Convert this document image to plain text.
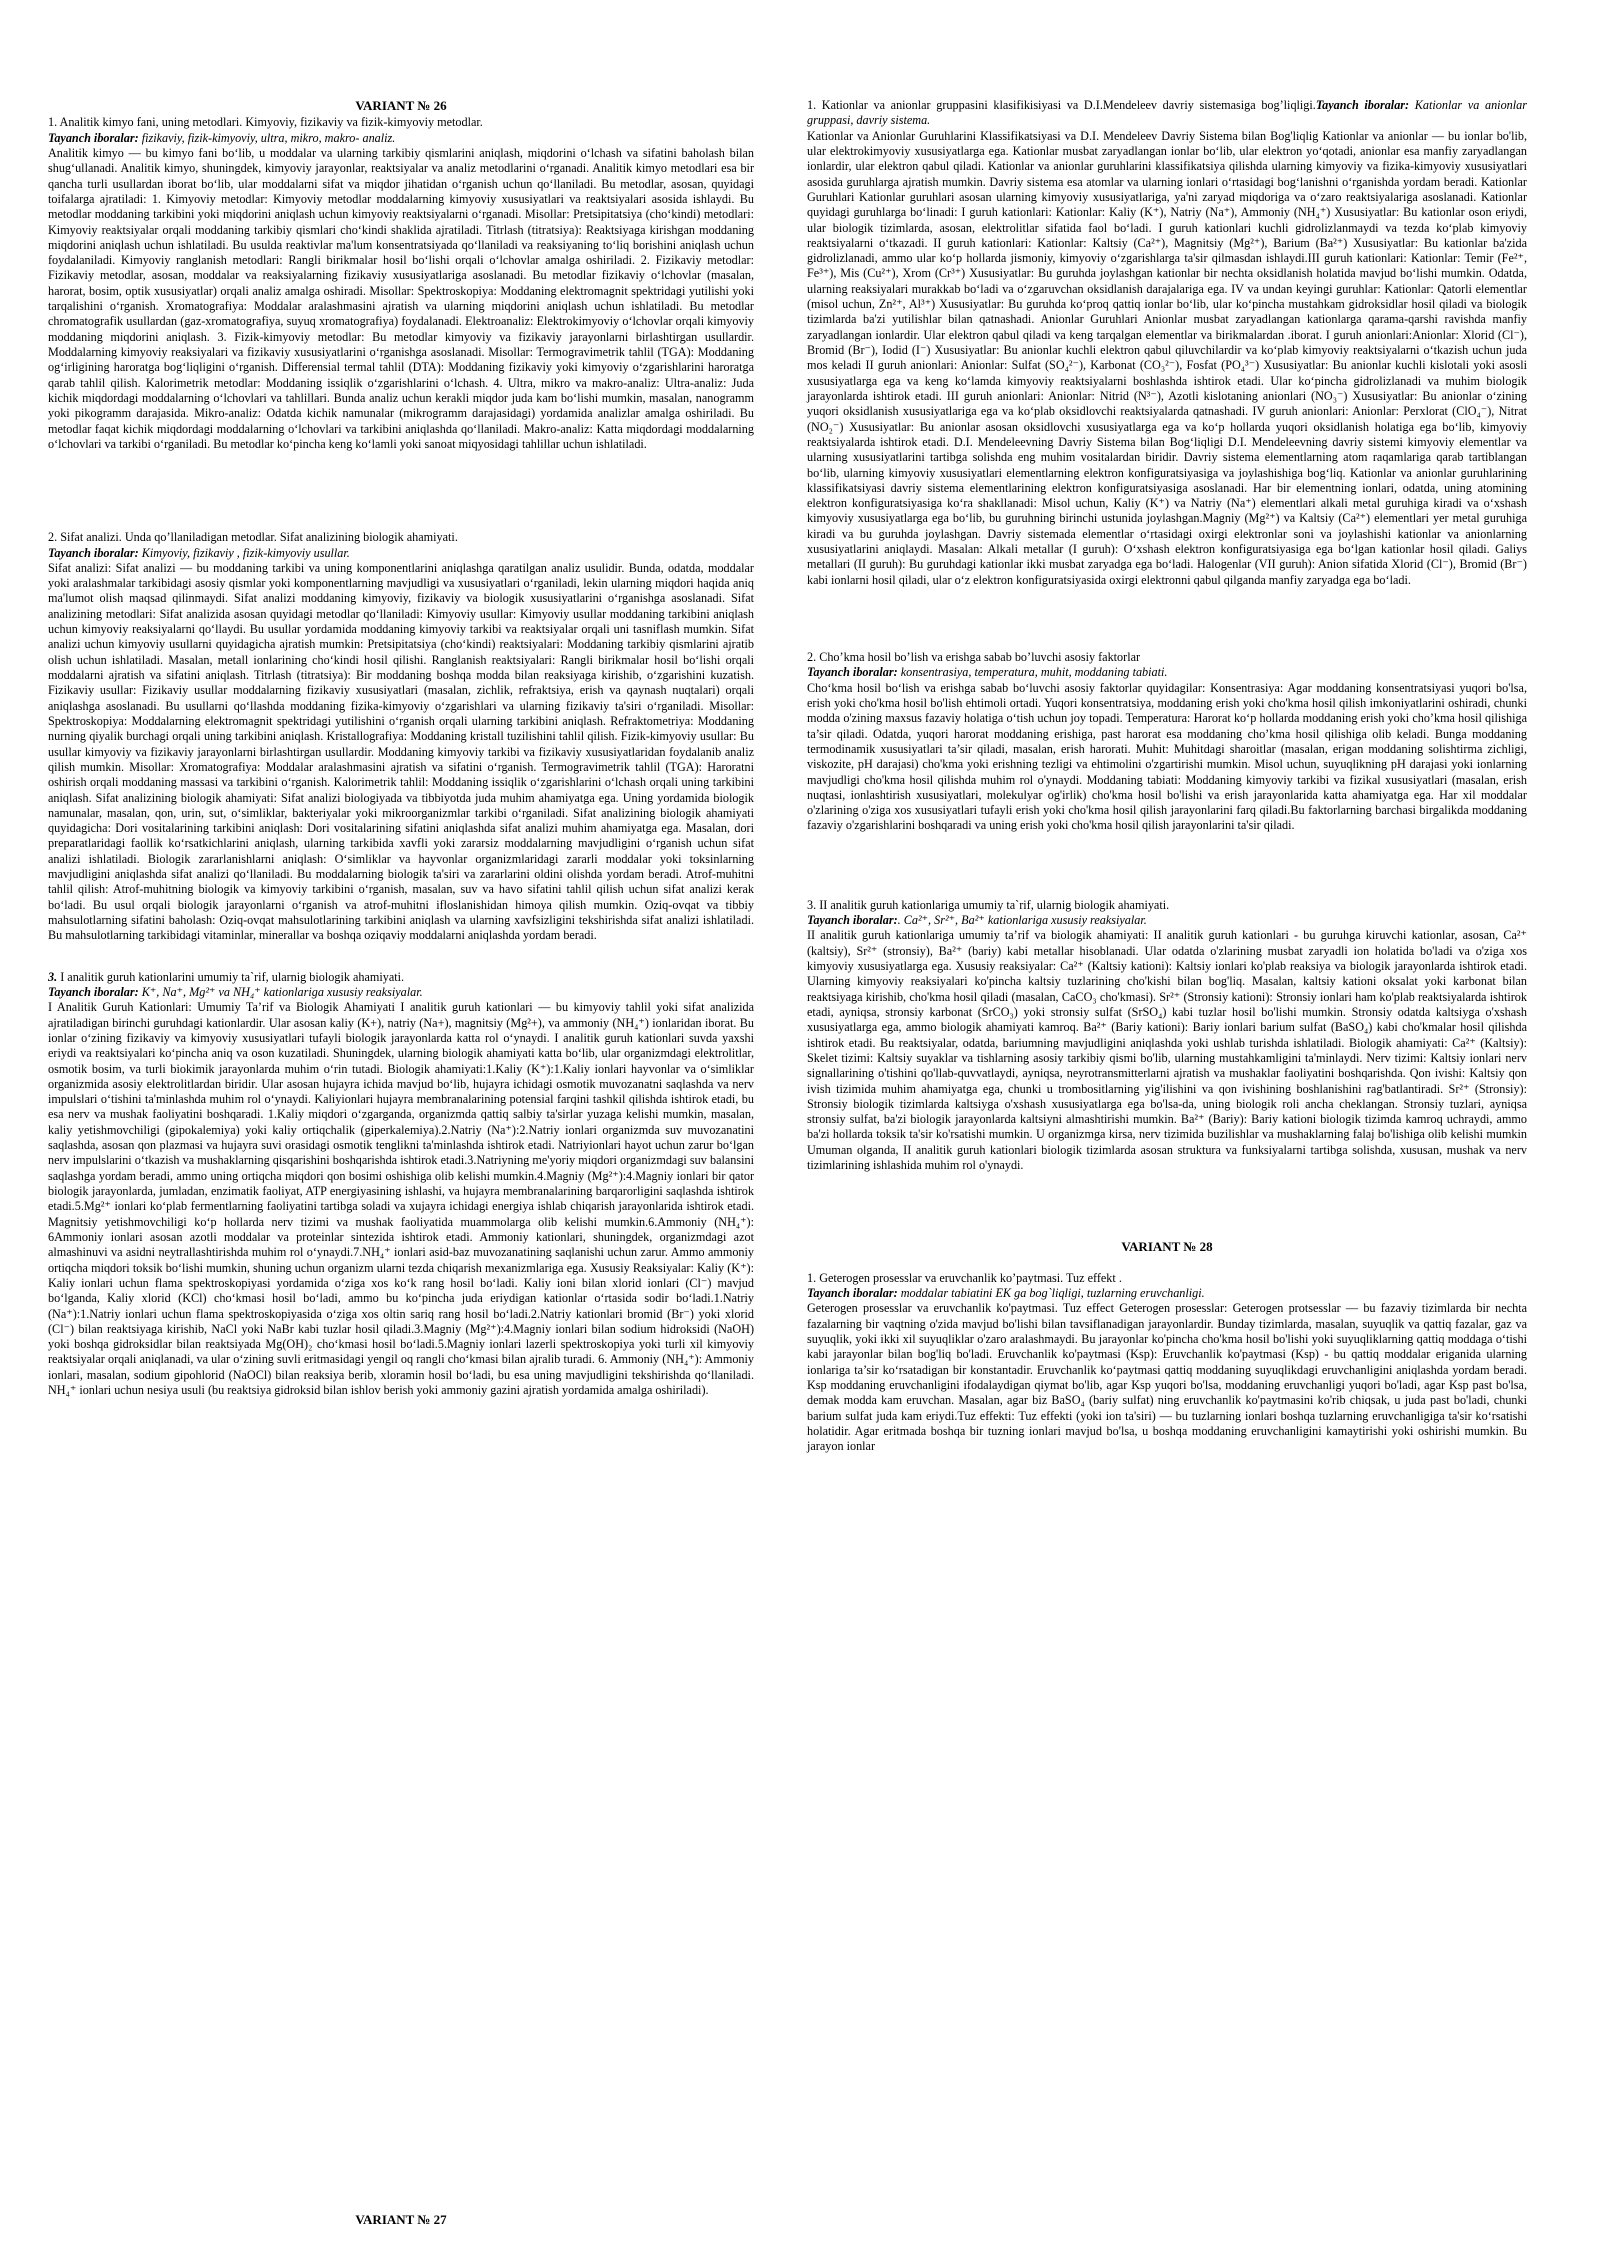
VARIANT № 26

1. Analitik kimyo fani, uning metodlari. Kimyoviy, fizikaviy va fizik-kimyoviy metodlar.

Tayanch iboralar: fizikaviy, fizik-kimyoviy, ultra, mikro, makro- analiz.

Analitik kimyo — bu kimyo fani bo‘lib, u moddalar va ularning tarkibiy qismlarini aniqlash, miqdorini o‘lchash va sifatini baholash bilan shug‘ullanadi. Analitik kimyo, shuningdek, kimyoviy jarayonlar, reaktsiyalar va analiz metodlarini o‘rganadi. Analitik kimyo metodlari esa bir qancha turli usullardan iborat bo‘lib, ular moddalarni sifat va miqdor jihatidan o‘rganish uchun qo‘llaniladi. Bu metodlar, asosan, quyidagi toifalarga ajratiladi: 1. Kimyoviy metodlar: Kimyoviy metodlar moddalarning kimyoviy xususiyatlari va reaktsiyalari asosida ishlaydi. Bu metodlar moddaning tarkibini yoki miqdorini aniqlash uchun kimyoviy reaktsiyalarni o‘rganadi. Misollar: Pretsipitatsiya (cho‘kindi) metodlari: Kimyoviy reaktsiyalar orqali moddaning tarkibiy qismlari cho‘kindi shaklida ajratiladi. Titrlash (titratsiya): Reaktsiyaga kirishgan moddaning miqdorini aniqlash uchun ishlatiladi. Bu usulda reaktivlar ma'lum konsentratsiyada qo‘llaniladi va reaksiyaning to‘liq borishini aniqlash uchun foydalaniladi. Kimyoviy ranglanish metodlari: Rangli birikmalar hosil bo‘lishi orqali o‘lchovlar amalga oshiriladi. 2. Fizikaviy metodlar: Fizikaviy metodlar, asosan, moddalar va reaksiyalarning fizikaviy xususiyatlariga asoslanadi. Bu metodlar fizikaviy o‘lchovlar (masalan, harorat, bosim, optik xususiyatlar) orqali analiz amalga oshiradi. Misollar: Spektroskopiya: Moddaning elektromagnit spektridagi yutilishi yoki tarqalishini o‘rganish. Xromatografiya: Moddalar aralashmasini ajratish va ularning miqdorini aniqlash uchun ishlatiladi. Bu metodlar chromatografik usullardan (gaz-xromatografiya, suyuq xromatografiya) foydalanadi. Elektroanaliz: Elektrokimyoviy o‘lchovlar orqali kimyoviy moddaning miqdorini aniqlash. 3. Fizik-kimyoviy metodlar: Bu metodlar kimyoviy va fizikaviy jarayonlarni birlashtirgan usullardir. Moddalarning kimyoviy reaksiyalari va fizikaviy xususiyatlarini o‘rganishga asoslanadi. Misollar: Termogravimetrik tahlil (TGA): Moddaning og‘irligining haroratga bog‘liqligini o‘rganish. Differensial termal tahlil (DTA): Moddaning fizikaviy yoki kimyoviy o‘zgarishlarini haroratga qarab tahlil qilish. Kalorimetrik metodlar: Moddaning issiqlik o‘zgarishlarini o‘lchash. 4. Ultra, mikro va makro-analiz: Ultra-analiz: Juda kichik miqdordagi moddalarning o‘lchovlari va tahlillari. Bunda analiz uchun kerakli miqdor juda kam bo‘lishi mumkin, masalan, nanogramm yoki pikogramm darajasida. Mikro-analiz: Odatda kichik namunalar (mikrogramm darajasidagi) yordamida analizlar amalga oshiriladi. Bu metodlar faqat kichik miqdordagi moddalarning o‘lchovlari va tarkibini aniqlashda qo‘llaniladi. Makro-analiz: Katta miqdordagi moddalarning o‘lchovlari va tarkibi o‘rganiladi. Bu metodlar ko‘pincha keng ko‘lamli yoki sanoat miqyosidagi tahlillar uchun ishlatiladi.

2. Sifat analizi. Unda qo’llaniladigan metodlar. Sifat analizining biologik ahamiyati.

Tayanch iboralar: Kimyoviy, fizikaviy , fizik-kimyoviy usullar.

Sifat analizi: Sifat analizi — bu moddaning tarkibi va uning komponentlarini aniqlashga qaratilgan analiz usulidir. Bunda, odatda, moddalar yoki aralashmalar tarkibidagi asosiy qismlar yoki komponentlarning mavjudligi va xususiyatlari o‘rganiladi, lekin ularning miqdori haqida aniq ma'lumot olish maqsad qilinmaydi. Sifat analizi moddaning kimyoviy, fizikaviy va biologik xususiyatlarini o‘rganishga asoslanadi. Sifat analizining metodlari: Sifat analizida asosan quyidagi metodlar qo‘llaniladi: Kimyoviy usullar: Kimyoviy usullar moddaning tarkibini aniqlash uchun kimyoviy reaksiyalarni qo‘llaydi. Bu usullar yordamida moddaning kimyoviy tarkibi va reaktsiyalar orqali uni tasniflash mumkin. Sifat analizi uchun kimyoviy usullarni quyidagicha ajratish mumkin: Pretsipitatsiya (cho‘kindi) reaktsiyalari: Moddaning tarkibiy qismlarini ajratib olish uchun ishlatiladi. Masalan, metall ionlarining cho‘kindi hosil qilishi. Ranglanish reaktsiyalari: Rangli birikmalar hosil bo‘lishi orqali moddalarni ajratish va sifatini aniqlash. Titrlash (titratsiya): Bir moddaning boshqa modda bilan reaksiyaga kirishib, o‘zgarishini kuzatish. Fizikaviy usullar: Fizikaviy usullar moddalarning fizikaviy xususiyatlari (masalan, zichlik, refraktsiya, erish va qaynash nuqtalari) orqali aniqlashga asoslanadi. Bu usullarni qo‘llashda moddaning fizika-kimyoviy o‘zgarishlari va ularning fizikaviy ta'siri o‘rganiladi. Misollar: Spektroskopiya: Moddalarning elektromagnit spektridagi yutilishini o‘rganish orqali ularning tarkibini aniqlash. Refraktometriya: Moddaning nurning qiyalik burchagi orqali uning tarkibini aniqlash. Kristallografiya: Moddaning kristall tuzilishini tahlil qilish. Fizik-kimyoviy usullar: Bu usullar kimyoviy va fizikaviy jarayonlarni birlashtirgan usullardir. Moddaning kimyoviy tarkibi va fizikaviy xususiyatlaridan foydalanib analiz qilish mumkin. Misollar: Xromatografiya: Moddalar aralashmasini ajratish va sifatini o‘rganish. Termogravimetrik tahlil (TGA): Haroratni oshirish orqali moddaning massasi va tarkibini o‘rganish. Kalorimetrik tahlil: Moddaning issiqlik o‘zgarishlarini o‘lchash orqali uning tarkibini aniqlash. Sifat analizining biologik ahamiyati: Sifat analizi biologiyada va tibbiyotda juda muhim ahamiyatga ega. Uning yordamida biologik namunalar, masalan, qon, urin, sut, o‘simliklar, bakteriyalar yoki mikroorganizmlar tarkibi o‘rganiladi. Sifat analizining biologik ahamiyati quyidagicha: Dori vositalarining tarkibini aniqlash: Dori vositalarining sifatini aniqlashda sifat analizi muhim ahamiyatga ega. Masalan, dori preparatlaridagi faollik ko‘rsatkichlarini aniqlash, ularning tarkibida xavfli yoki zararsiz moddalarning mavjudligini o‘rganish uchun sifat analizi ishlatiladi. Biologik zararlanishlarni aniqlash: O‘simliklar va hayvonlar organizmlaridagi zararli moddalar yoki toksinlarning mavjudligini aniqlashda sifat analizi qo‘llaniladi. Bu moddalarning biologik ta'siri va zararlarini oldini olishda yordam beradi. Atrof-muhitni tahlil qilish: Atrof-muhitning biologik va kimyoviy tarkibini o‘rganish, masalan, suv va havo sifatini tahlil qilish uchun sifat analizi kerak bo‘ladi. Bu usul orqali biologik jarayonlarni o‘rganish va atrof-muhitni ifloslanishidan himoya qilish mumkin. Oziq-ovqat va tibbiy mahsulotlarning sifatini baholash: Oziq-ovqat mahsulotlarining tarkibini aniqlash va ularning xavfsizligini tekshirishda sifat analizi ishlatiladi. Bu mahsulotlarning tarkibidagi vitaminlar, minerallar va boshqa oziqaviy moddalarni aniqlashda yordam beradi.

3. I analitik guruh kationlarini umumiy ta`rif, ularnig biologik ahamiyati.

Tayanch iboralar: K⁺, Na⁺, Mg²⁺ va NH₄⁺ kationlariga xususiy reaksiyalar.

I Analitik Guruh Kationlari: Umumiy Ta’rif va Biologik Ahamiyati I analitik guruh kationlari — bu kimyoviy tahlil yoki sifat analizida ajratiladigan birinchi guruhdagi kationlardir. Ular asosan kaliy (K+), natriy (Na+), magnitsiy (Mg²+), va ammoniy (NH₄⁺) ionlaridan iborat. Bu ionlar o‘zining fizikaviy va kimyoviy xususiyatlari tufayli biologik jarayonlarda katta rol o‘ynaydi. I analitik guruh kationlari suvda yaxshi eriydi va reaktsiyalari ko‘pincha aniq va oson kuzatiladi. Shuningdek, ularning biologik ahamiyati katta bo‘lib, ular organizmdagi elektrolitlar, osmotik bosim, va turli biokimik jarayonlarda muhim o‘rin tutadi. Biologik ahamiyati:1.Kaliy (K⁺):1.Kaliy ionlari hayvonlar va o‘simliklar organizmida asosiy elektrolitlardan biridir. Ular asosan hujayra ichida mavjud bo‘lib, hujayra ichidagi osmotik muvozanatni saqlashda va nerv impulslari o‘tishini ta'minlashda muhim rol o‘ynaydi. Kaliyionlari hujayra membranalarining potensial farqini tashkil qilishda ishtirok etadi, bu esa nerv va mushak faoliyatini boshqaradi. 1.Kaliy miqdori o‘zgarganda, organizmda qattiq salbiy ta'sirlar yuzaga kelishi mumkin, masalan, kaliy yetishmovchiligi (gipokalemiya) yoki kaliy ortiqchalik (giperkalemiya).2.Natriy (Na⁺):2.Natriy ionlari organizmda suv muvozanatini saqlashda, asosan qon plazmasi va hujayra suvi orasidagi osmotik tenglikni ta'minlashda ishtirok etadi. Natriyionlari hayot uchun zarur bo‘lgan nerv impulslarini o‘tkazish va mushaklarning qisqarishini boshqarishda ishtirok etadi.3.Natriyning me'yoriy miqdori organizmdagi suv balansini saqlashga yordam beradi, ammo uning ortiqcha miqdori qon bosimi oshishiga olib kelishi mumkin.4.Magniy (Mg²⁺):4.Magniy ionlari bir qator biologik jarayonlarda, jumladan, enzimatik faoliyat, ATP energiyasining ishlashi, va hujayra membranalarining barqarorligini saqlashda ishtirok etadi.5.Mg²⁺ ionlari ko‘plab fermentlarning faoliyatini tartibga soladi va xujayra ichidagi energiya ishlab chiqarish jarayonlarida ishtirok etadi. Magnitsiy yetishmovchiligi ko‘p hollarda nerv tizimi va mushak faoliyatida muammolarga olib kelishi mumkin.6.Ammoniy (NH₄⁺): 6Ammoniy ionlari asosan azotli moddalar va proteinlar sintezida ishtirok etadi. Ammoniy kationlari, shuningdek, organizmdagi azot almashinuvi va asidni neytrallashtirishda muhim rol o‘ynaydi.7.NH₄⁺ ionlari asid-baz muvozanatining saqlanishi uchun zarur. Ammo ammoniy ortiqcha miqdori toksik bo‘lishi mumkin, shuning uchun organizm ularni tezda chiqarish mexanizmlariga ega. Xususiy Reaksiyalar: Kaliy (K⁺): Kaliy ionlari uchun flama spektroskopiyasi yordamida o‘ziga xos ko‘k rang hosil bo‘ladi. Kaliy ioni bilan xlorid ionlari (Cl⁻) mavjud bo‘lganda, Kaliy xlorid (KCl) cho‘kmasi hosil bo‘ladi, ammo bu ko‘pincha juda eriydigan kationlar o‘rtasida sodir bo‘ladi.1.Natriy (Na⁺):1.Natriy ionlari uchun flama spektroskopiyasida o‘ziga xos oltin sariq rang hosil bo‘ladi.2.Natriy kationlari bromid (Br⁻) yoki xlorid (Cl⁻) bilan reaktsiyaga kirishib, NaCl yoki NaBr kabi tuzlar hosil qiladi.3.Magniy (Mg²⁺):4.Magniy ionlari bilan sodium hidroksidi (NaOH) yoki boshqa gidroksidlar bilan reaktsiyada Mg(OH)₂ cho‘kmasi hosil bo‘ladi.5.Magniy ionlari lazerli spektroskopiya yoki turli xil kimyoviy reaktsiyalar orqali aniqlanadi, va ular o‘zining suvli eritmasidagi yengil oq rangli cho‘kmasi bilan ajralib turadi. 6. Ammoniy (NH₄⁺): Ammoniy ionlari, masalan, sodium gipohlorid (NaOCl) bilan reaksiya berib, xloramin hosil bo‘ladi, bu esa uning mavjudligini tekshirishda qo‘llaniladi. NH₄⁺ ionlari uchun nesiya usuli (bu reaktsiya gidroksid bilan ishlov berish yoki ammoniy gazini ajratish yordamida amalga oshiriladi).

VARIANT № 27

1. Kationlar va anionlar gruppasini klasifikisiyasi va D.I.Mendeleev davriy sistemasiga bog’liqligi.Tayanch iboralar: Kationlar va anionlar gruppasi, davriy sistema.

Kationlar va Anionlar Guruhlarini Klassifikatsiyasi va D.I. Mendeleev Davriy Sistema bilan Bog'liqlig Kationlar va anionlar — bu ionlar bo'lib, ular elektrokimyoviy xususiyatlarga ega. Kationlar musbat zaryadlangan ionlar bo‘lib, ular elektron yo‘qotadi, anionlar esa manfiy zaryadlangan ionlardir, ular elektron qabul qiladi. Kationlar va anionlar guruhlarini klassifikatsiya qilishda ularning kimyoviy va fizika-kimyoviy xususiyatlari asosida guruhlarga ajratish mumkin. Davriy sistema esa atomlar va ularning ionlari o‘rtasidagi bog‘lanishni o‘rganishda yordam beradi. Kationlar Guruhlari Kationlar guruhlari asosan ularning kimyoviy xususiyatlariga, ya'ni zaryad miqdoriga va o‘zaro reaktsiyalariga asoslanadi. Kationlar quyidagi guruhlarga bo‘linadi: I guruh kationlari: Kationlar: Kaliy (K⁺), Natriy (Na⁺), Ammoniy (NH₄⁺) Xususiyatlar: Bu kationlar oson eriydi, ular biologik tizimlarda, asosan, elektrolitlar sifatida faol bo‘ladi. I guruh kationlari kuchli gidrolizlanmaydi va tezda ko‘plab kimyoviy reaktsiyalarni o‘tkazadi. II guruh kationlari: Kationlar: Kaltsiy (Ca²⁺), Magnitsiy (Mg²⁺), Barium (Ba²⁺) Xususiyatlar: Bu kationlar ba'zida gidrolizlanadi, ammo ular ko‘p hollarda jismoniy, kimyoviy o‘zgarishlarga ta'sir qilmasdan ishlaydi.III guruh kationlari: Kationlar: Temir (Fe²⁺, Fe³⁺), Mis (Cu²⁺), Xrom (Cr³⁺) Xususiyatlar: Bu guruhda joylashgan kationlar bir nechta oksidlanish holatida mavjud bo‘lishi mumkin. Odatda, ularning reaksiyalari murakkab bo‘ladi va o‘zgaruvchan oksidlanish darajalariga ega. IV va undan keyingi guruhlar: Kationlar: Qatorli elementlar (misol uchun, Zn²⁺, Al³⁺) Xususiyatlar: Bu guruhda ko‘proq qattiq ionlar bo‘lib, ular ko‘pincha mustahkam gidroksidlar hosil qiladi va biologik tizimlarda ba'zi yutilishlar bilan qatnashadi. Anionlar Guruhlari Anionlar musbat zaryadlangan kationlarga qarama-qarshi ravishda manfiy zaryadlangan ionlardir. Ular elektron qabul qiladi va keng tarqalgan elementlar va birikmalardan .iborat. I guruh anionlari:Anionlar: Xlorid (Cl⁻), Bromid (Br⁻), Iodid (I⁻) Xususiyatlar: Bu anionlar kuchli elektron qabul qiluvchilardir va ko‘plab kimyoviy reaktsiyalarni o‘tkazish uchun juda mos keladi II guruh anionlari: Anionlar: Sulfat (SO₄²⁻), Karbonat (CO₃²⁻), Fosfat (PO₄³⁻) Xususiyatlar: Bu anionlar kuchli kislotali yoki asosli xususiyatlarga ega va keng ko‘lamda kimyoviy reaktsiyalarni boshlashda ishtirok etadi. Ular ko‘pincha gidrolizlanadi va muhim biologik jarayonlarda ishtirok etadi. III guruh anionlari: Anionlar: Nitrid (N³⁻), Azotli kislotaning anionlari (NO₃⁻) Xususiyatlar: Bu anionlar o‘zining yuqori oksidlanish xususiyatlariga ega va ko‘plab oksidlovchi reaktsiyalarda qatnashadi. IV guruh anionlari: Anionlar: Perxlorat (ClO₄⁻), Nitrat (NO₂⁻) Xususiyatlar: Bu anionlar asosan oksidlovchi xususiyatlarga ega va ko‘p hollarda yuqori oksidlanish holatiga ega bo‘lib, kimyoviy reaktsiyalarda ishtirok etadi. D.I. Mendeleevning Davriy Sistema bilan Bog‘liqligi D.I. Mendeleevning davriy sistemi kimyoviy elementlar va ularning xususiyatlarini tartibga solishda eng muhim vositalardan biridir. Davriy sistema elementlarning atom raqamlariga qarab tartiblangan bo‘lib, ularning kimyoviy xususiyatlari elementlarning elektron konfiguratsiyasiga va joylashishiga bog‘liq. Kationlar va anionlar guruhlarining klassifikatsiyasi davriy sistema elementlarining elektron konfiguratsiyasiga asoslanadi. Har bir elementning ionlari, odatda, uning atomining elektron konfiguratsiyasiga ko‘ra shakllanadi: Misol uchun, Kaliy (K⁺) va Natriy (Na⁺) elementlari alkali metal guruhiga kiradi va o‘xshash kimyoviy xususiyatlarga ega bo‘lib, bu guruhning birinchi ustunida joylashgan.Magniy (Mg²⁺) va Kaltsiy (Ca²⁺) elementlari yer metal guruhiga kiradi va bu guruhda joylashgan. Davriy sistemada elementlar o‘rtasidagi oxirgi elektronlar soni va joylashishi kationlar va anionlarning xususiyatlarini aniqlaydi. Masalan: Alkali metallar (I guruh): O‘xshash elektron konfiguratsiyasiga ega bo‘lgan kationlar hosil qiladi. Galiys metallari (II guruh): Bu guruhdagi kationlar ikki musbat zaryadga ega bo‘ladi. Halogenlar (VII guruh): Anion sifatida Xlorid (Cl⁻), Bromid (Br⁻) kabi ionlarni hosil qiladi, ular o‘z elektron konfiguratsiyasida oxirgi elektronni qabul qilganda manfiy zaryadga ega bo‘ladi.

2. Cho’kma hosil bo’lish va erishga sabab bo’luvchi asosiy faktorlar

Tayanch iboralar: konsentrasiya, temperatura, muhit, moddaning tabiati.

Cho‘kma hosil bo‘lish va erishga sabab bo‘luvchi asosiy faktorlar quyidagilar: Konsentrasiya: Agar moddaning konsentratsiyasi yuqori bo'lsa, erish yoki cho'kma hosil bo'lish ehtimoli ortadi. Yuqori konsentratsiya, moddaning erish yoki cho'kma hosil qilish imkoniyatlarini oshiradi, chunki modda o'zining maxsus fazaviy holatiga o‘tish uchun joy topadi. Temperatura: Harorat ko‘p hollarda moddaning erish yoki cho’kma hosil qilishiga ta’sir qiladi. Odatda, yuqori harorat moddaning erishiga, past harorat esa moddaning cho’kma hosil qilishiga olib keladi. Bunga moddaning termodinamik xususiyatlari ta’sir qiladi, masalan, erish harorati. Muhit: Muhitdagi sharoitlar (masalan, erigan moddaning solishtirma zichligi, viskozite, pH darajasi) cho'kma yoki erishning tezligi va ehtimolini o'zgartirishi mumkin. Misol uchun, suyuqlikning pH darajasi yoki ionlarning mavjudligi cho'kma hosil qilishda muhim rol o'ynaydi. Moddaning tabiati: Moddaning kimyoviy tarkibi va fizikal xususiyatlari (masalan, erish nuqtasi, ionlashtirish xususiyatlari, molekulyar og'irlik) cho'kma hosil bo'lishi va erish jarayonlarida katta ahamiyatga ega. Har xil moddalar o'zlarining o'ziga xos xususiyatlari tufayli erish yoki cho'kma hosil qilish jarayonlarini farq qiladi.Bu faktorlarning barchasi birgalikda moddaning fazaviy o'zgarishlarini boshqaradi va uning erish yoki cho'kma hosil qilish jarayonlarini ta'sir qiladi.

3. II analitik guruh kationlariga umumiy ta`rif, ularnig biologik ahamiyati.

Tayanch iboralar:. Ca²⁺, Sr²⁺, Ba²⁺ kationlariga xususiy reaksiyalar.

II analitik guruh kationlariga umumiy ta’rif va biologik ahamiyati: II analitik guruh kationlari - bu guruhga kiruvchi kationlar, asosan, Ca²⁺ (kaltsiy), Sr²⁺ (stronsiy), Ba²⁺ (bariy) kabi metallar hisoblanadi. Ular odatda o'zlarining musbat zaryadli ion holatida bo'ladi va o'ziga xos kimyoviy xususiyatlarga ega. Xususiy reaksiyalar: Ca²⁺ (Kaltsiy kationi): Kaltsiy ionlari ko'plab reaksiya va biologik jarayonlarda ishtirok etadi. Ularning kimyoviy reaksiyalari ko'pincha kaltsiy tuzlarining cho'kishi bilan bog'liq. Masalan, kaltsiy kationi oksalat yoki karbonat bilan reaktsiyaga kirishib, cho'kma hosil qiladi (masalan, CaCO₃ cho'kmasi). Sr²⁺ (Stronsiy kationi): Stronsiy ionlari ham ko'plab reaktsiyalarda ishtirok etadi, ayniqsa, stronsiy karbonat (SrCO₃) yoki stronsiy sulfat (SrSO₄) kabi tuzlar hosil bo'lishi mumkin. Stronsiy odatda kaltsiyga o'xshash xususiyatlarga ega, ammo biologik ahamiyati kamroq. Ba²⁺ (Bariy kationi): Bariy ionlari barium sulfat (BaSO₄) kabi cho'kmalar hosil qilishda ishtirok etadi. Bu reaktsiyalar, odatda, bariumning mavjudligini aniqlashda yoki ushlab turishda ishlatiladi. Biologik ahamiyati: Ca²⁺ (Kaltsiy): Skelet tizimi: Kaltsiy suyaklar va tishlarning asosiy tarkibiy qismi bo'lib, ularning mustahkamligini ta'minlaydi. Nerv tizimi: Kaltsiy ionlari nerv signallarining o'tishini qo'llab-quvvatlaydi, ayniqsa, neyrotransmitterlarni ajratish va mushaklar faoliyatini boshqarishda. Qon ivishi: Kaltsiy qon ivish tizimida muhim ahamiyatga ega, chunki u trombositlarning yig'ilishini va qon ivishining boshlanishini rag'batlantiradi. Sr²⁺ (Stronsiy): Stronsiy biologik tizimlarda kaltsiyga o'xshash xususiyatlarga ega bo'lsa-da, uning biologik roli ancha cheklangan. Stronsiy tuzlari, ayniqsa stronsiy sulfat, ba'zi biologik jarayonlarda kaltsiyni almashtirishi mumkin. Ba²⁺ (Bariy): Bariy kationi biologik tizimda kamroq uchraydi, ammo ba'zi hollarda toksik ta'sir ko'rsatishi mumkin. U organizmga kirsa, nerv tizimida buzilishlar va mushaklarning falaj bo'lishiga olib kelishi mumkin Umuman olganda, II analitik guruh kationlari biologik tizimlarda asosan struktura va funksiyalarni tartibga solishda, xususan, mushak va nerv tizimlarining ishlashida muhim rol o'ynaydi.

VARIANT № 28

1. Geterogen prosesslar va eruvchanlik ko’paytmasi. Tuz effekt .

Tayanch iboralar: moddalar tabiatini EK ga bog`liqligi, tuzlarning eruvchanligi.

Geterogen prosesslar va eruvchanlik ko'paytmasi. Tuz effect Geterogen prosesslar: Geterogen protsesslar — bu fazaviy tizimlarda bir nechta fazalarning bir vaqtning o'zida mavjud bo'lishi bilan tavsiflanadigan jarayonlardir. Bunday tizimlarda, masalan, suyuqlik va qattiq fazalar, gaz va suyuqlik, yoki ikki xil suyuqliklar o'zaro aralashmaydi. Bu jarayonlar ko'pincha cho'kma hosil bo'lishi yoki suyuqliklarning qattiq moddaga o‘tishi kabi jarayonlar bilan bog'liq bo'ladi. Eruvchanlik ko'paytmasi (Ksp): Eruvchanlik ko'paytmasi (Ksp) - bu qattiq moddalar eriganida ularning ionlariga ta’sir ko‘rsatadigan bir konstantadir. Eruvchanlik ko‘paytmasi qattiq moddaning suyuqlikdagi eruvchanligini aniqlashda yordam beradi. Ksp moddaning eruvchanligini ifodalaydigan qiymat bo'lib, agar Ksp yuqori bo'lsa, moddaning eruvchanligi yuqori bo'ladi, agar Ksp past bo'lsa, demak modda kam eruvchan. Masalan, agar biz BaSO₄ (bariy sulfat) ning eruvchanlik ko'paytmasini ko'rib chiqsak, u juda past bo'ladi, chunki barium sulfat juda kam eriydi.Tuz effekti: Tuz effekti (yoki ion ta'siri) — bu tuzlarning ionlari boshqa tuzlarning eruvchanligiga ta'sir ko‘rsatishi holatidir. Agar eritmada boshqa bir tuzning ionlari mavjud bo'lsa, u boshqa moddaning eruvchanligini kamaytirishi yoki oshirishi mumkin. Bu jarayon ionlar
